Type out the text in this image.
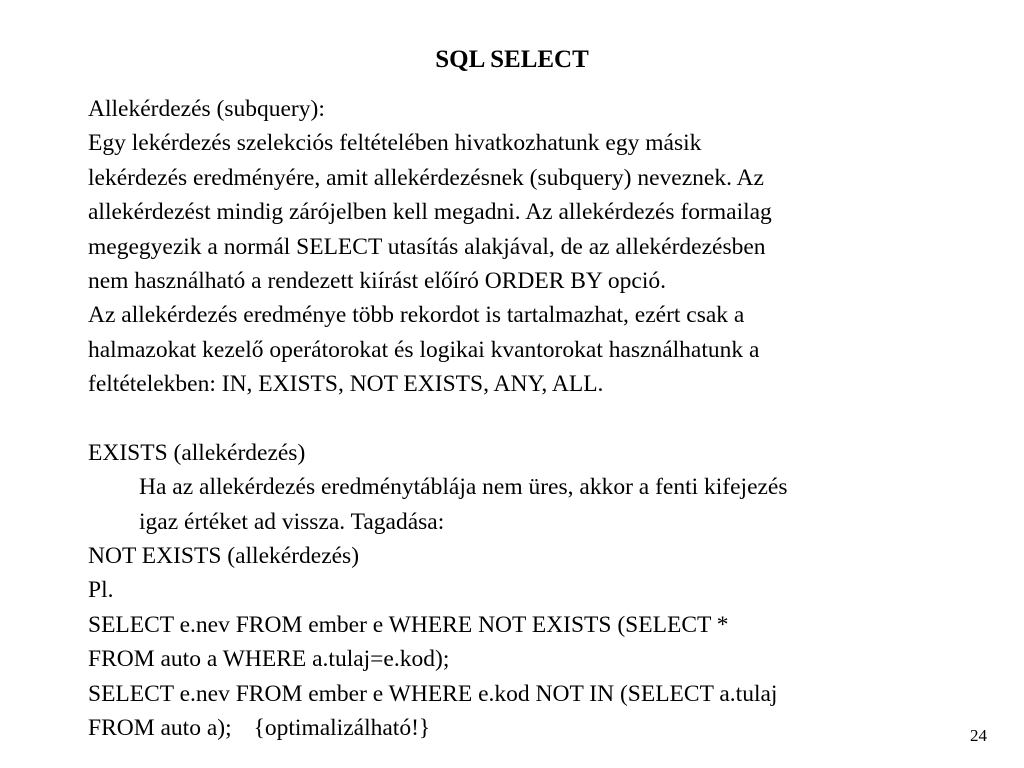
SQL SELECT
Allekérdezés (subquery):
Egy lekérdezés szelekciós feltételében hivatkozhatunk egy másik
lekérdezés eredményére, amit allekérdezésnek (subquery) neveznek. Az
allekérdezést mindig zárójelben kell megadni. Az allekérdezés formailag
megegyezik a normál SELECT utasítás alakjával, de az allekérdezésben
nem használható a rendezett kiírást előíró ORDER BY opció.
Az allekérdezés eredménye több rekordot is tartalmazhat, ezért csak a
halmazokat kezelő operátorokat és logikai kvantorokat használhatunk a
feltételekben: IN, EXISTS, NOT EXISTS, ANY, ALL.
EXISTS (allekérdezés)
Ha az allekérdezés eredménytáblája nem üres, akkor a fenti kifejezés
igaz értéket ad vissza. Tagadása:
NOT EXISTS (allekérdezés)
Pl.
SELECT e.nev FROM ember e WHERE NOT EXISTS (SELECT *
FROM auto a WHERE a.tulaj=e.kod);
SELECT e.nev FROM ember e WHERE e.kod NOT IN (SELECT a.tulaj
FROM auto a); {optimalizálható!}	24
